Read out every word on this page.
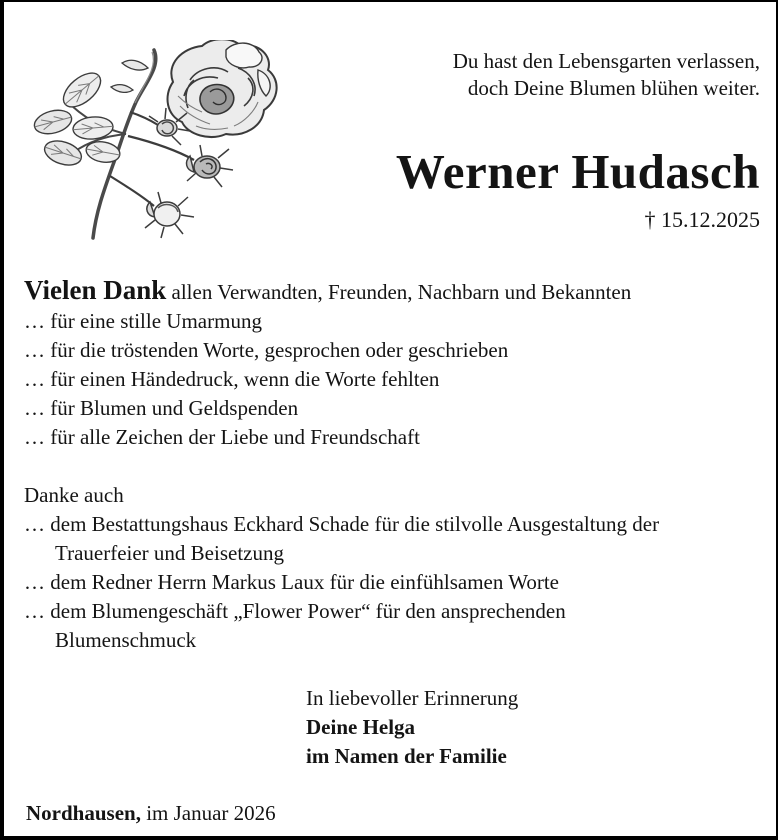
Du hast den Lebensgarten verlassen,
doch Deine Blumen blühen weiter.
Werner Hudasch
† 15.12.2025
Vielen Dank allen Verwandten, Freunden, Nachbarn und Bekannten
… für eine stille Umarmung
… für die tröstenden Worte, gesprochen oder geschrieben
… für einen Händedruck, wenn die Worte fehlten
… für Blumen und Geldspenden
… für alle Zeichen der Liebe und Freundschaft
Danke auch
… dem Bestattungshaus Eckhard Schade für die stilvolle Ausgestaltung der
Trauerfeier und Beisetzung
… dem Redner Herrn Markus Laux für die einfühlsamen Worte
… dem Blumengeschäft „Flower Power“ für den ansprechenden
Blumenschmuck
In liebevoller Erinnerung
Deine Helga
im Namen der Familie
Nordhausen, im Januar 2026
